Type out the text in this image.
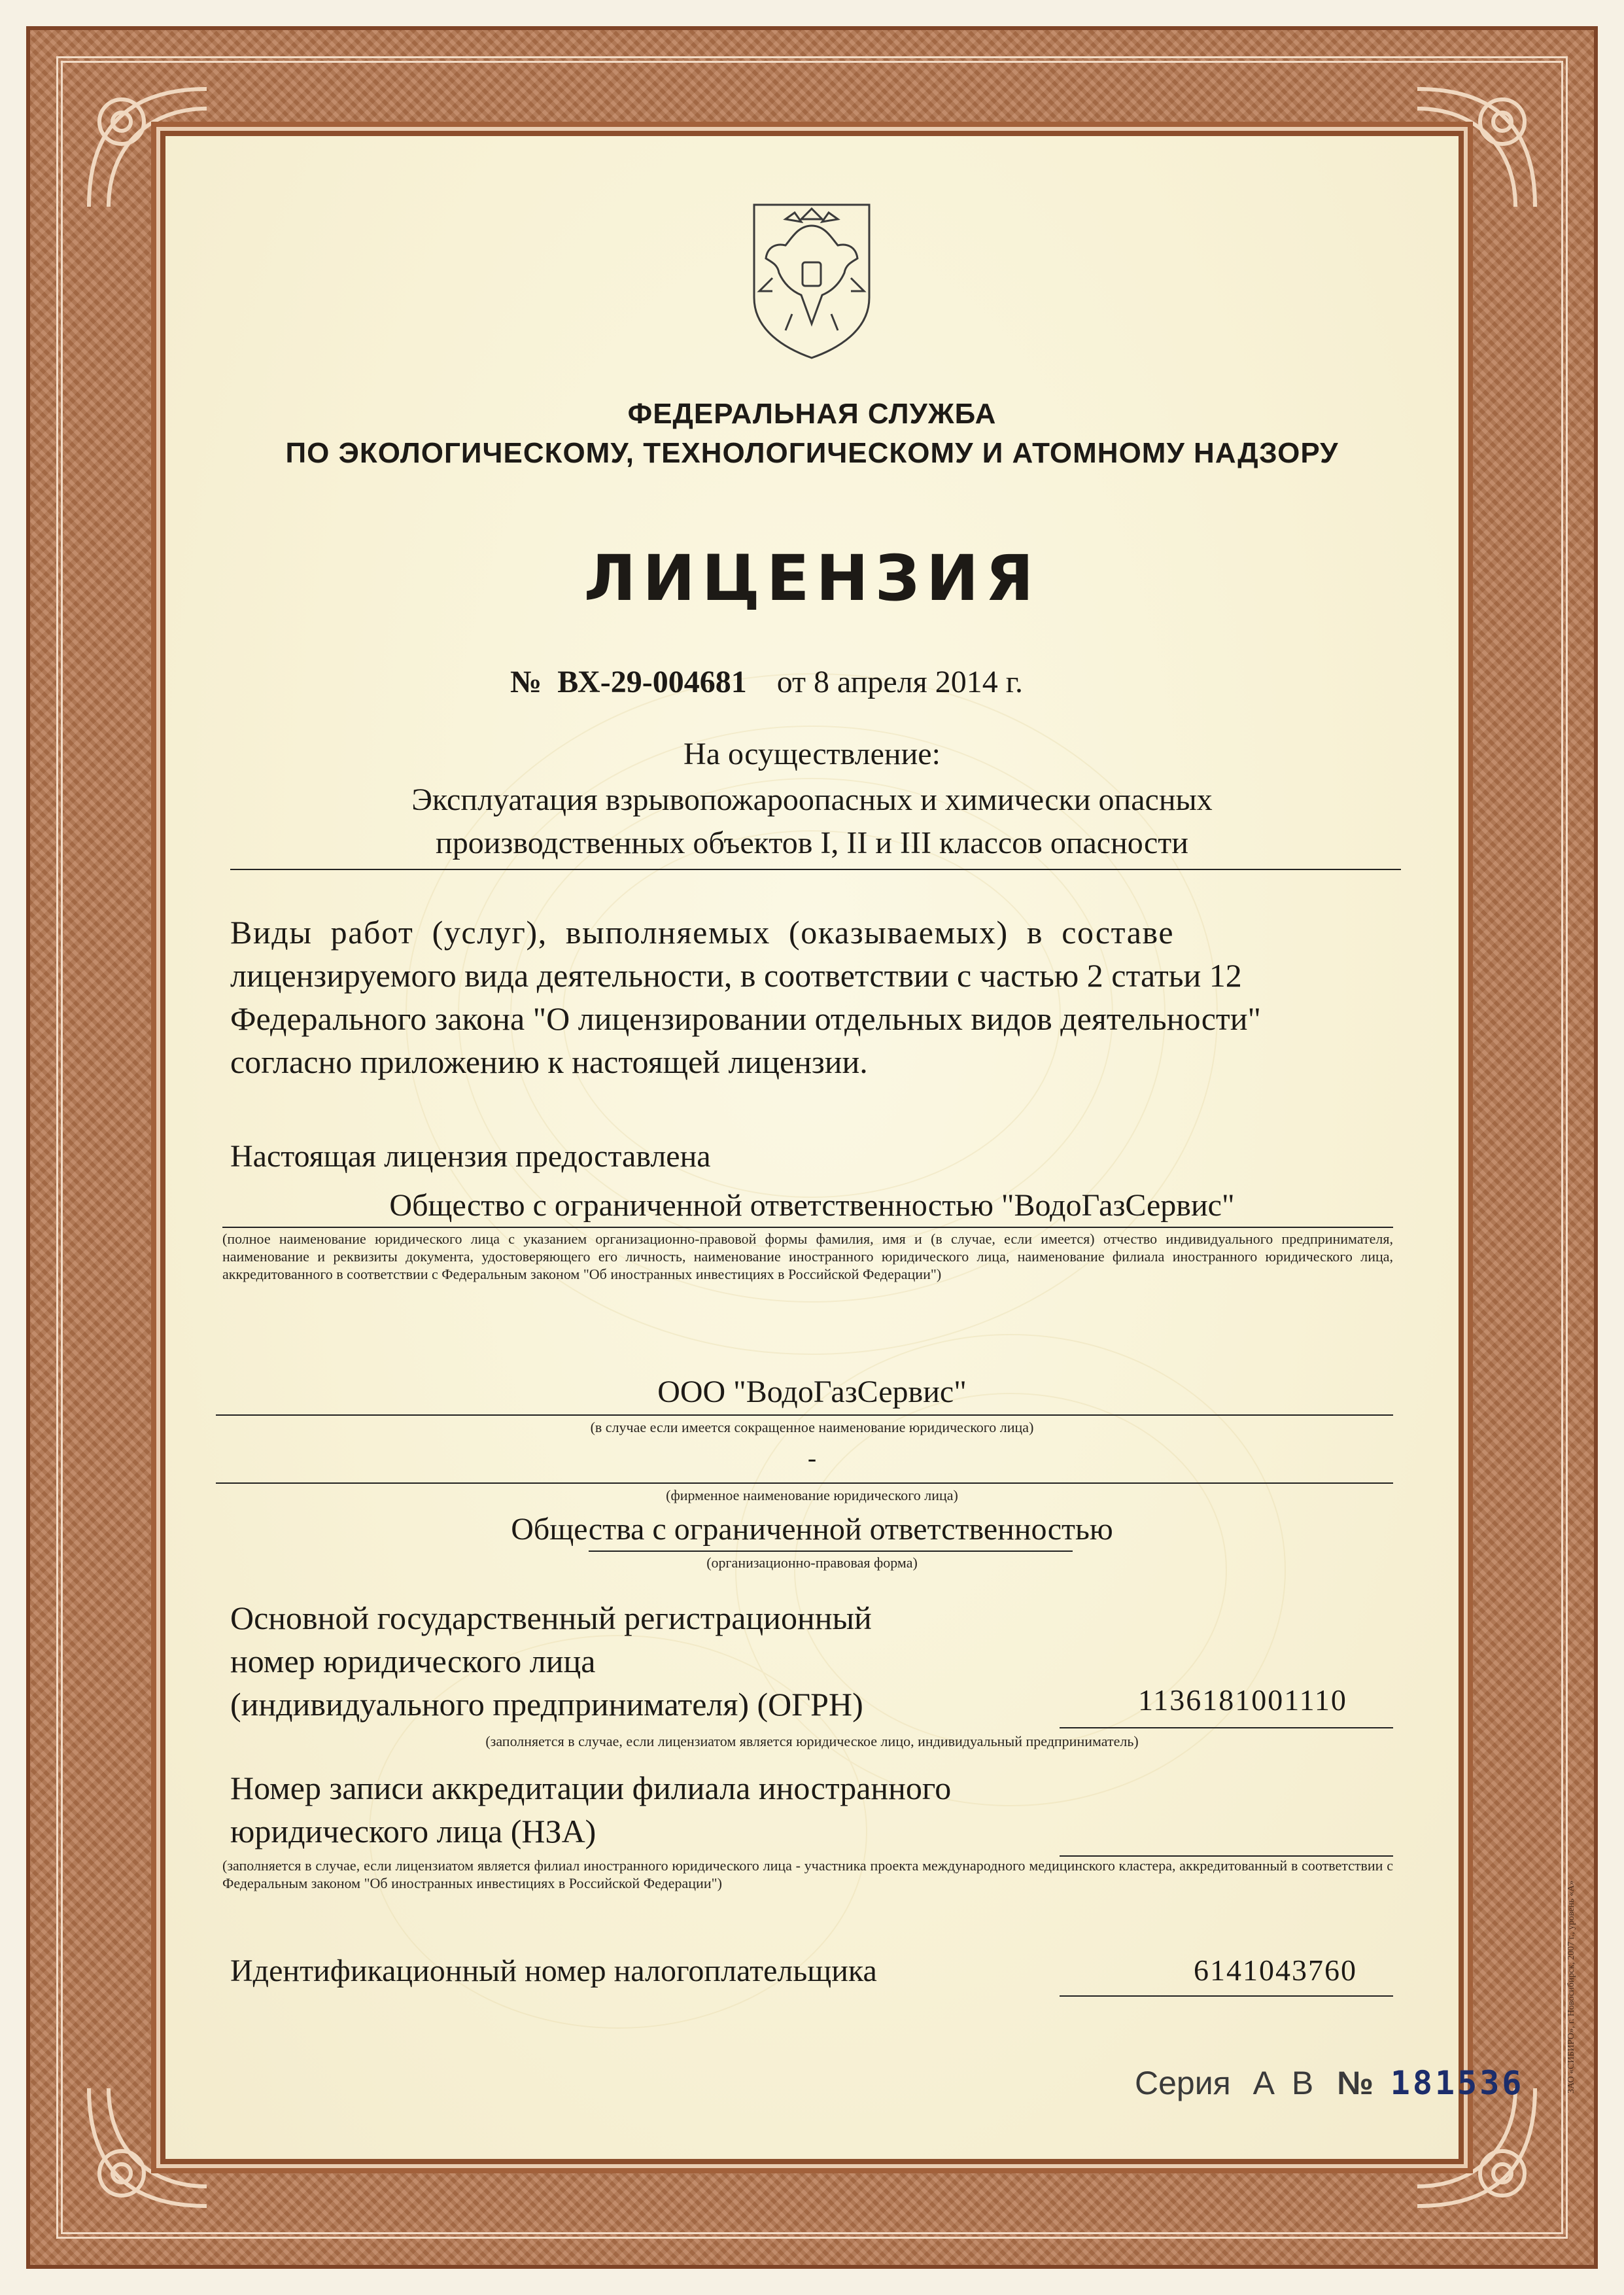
ФЕДЕРАЛЬНАЯ СЛУЖБА
ПО ЭКОЛОГИЧЕСКОМУ, ТЕХНОЛОГИЧЕСКОМУ И АТОМНОМУ НАДЗОРУ
ЛИЦЕНЗИЯ
№ ВХ-29-004681 от 8 апреля 2014 г.
На осуществление:
Эксплуатация взрывопожароопасных и химически опасных
производственных объектов I, II и III классов опасности
Виды работ (услуг), выполняемых (оказываемых) в составе
лицензируемого вида деятельности, в соответствии с частью 2 статьи 12
Федерального закона "О лицензировании отдельных видов деятельности"
согласно приложению к настоящей лицензии.
Настоящая лицензия предоставлена
Общество с ограниченной ответственностью "ВодоГазСервис"
(полное наименование юридического лица с указанием организационно-правовой формы фамилия, имя и (в случае, если имеется) отчество индивидуального предпринимателя, наименование и реквизиты документа, удостоверяющего его личность, наименование иностранного юридического лица, наименование филиала иностранного юридического лица, аккредитованного в соответствии с Федеральным законом "Об иностранных инвестициях в Российской Федерации")
ООО "ВодоГазСервис"
(в случае если имеется сокращенное наименование юридического лица)
-
(фирменное наименование юридического лица)
Общества с ограниченной ответственностью
(организационно-правовая форма)
Основной государственный регистрационный
номер юридического лица
(индивидуального предпринимателя) (ОГРН)	1136181001110
(заполняется в случае, если лицензиатом является юридическое лицо, индивидуальный предприниматель)
Номер записи аккредитации филиала иностранного
юридического лица (НЗА)
(заполняется в случае, если лицензиатом является филиал иностранного юридического лица - участника проекта международного медицинского кластера, аккредитованный в соответствии с Федеральным законом "Об иностранных инвестициях в Российской Федерации")
Идентификационный номер налогоплательщика	6141043760
Серия А В № 181536	ЗАО «СИБИРО», г. Новосибирск, 2007 г., уровень «А»
